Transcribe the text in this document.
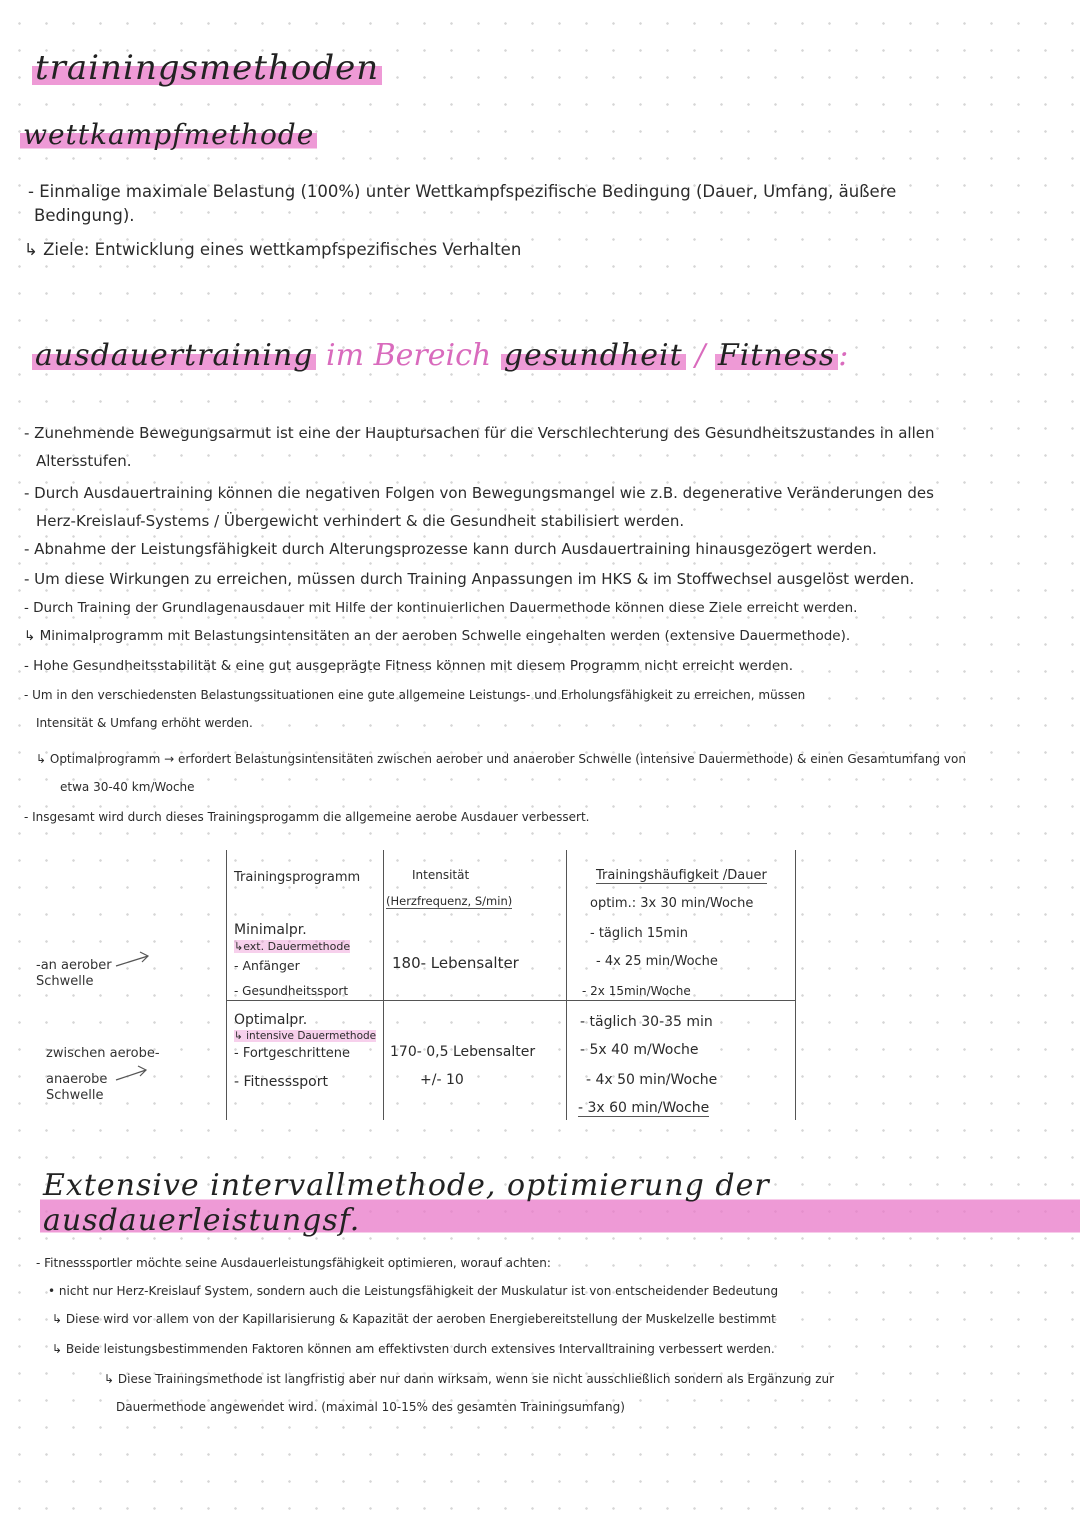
trainingsmethoden
wettkampfmethode
- Einmalige maximale Belastung (100%) unter Wettkampfspezifische Bedingung (Dauer, Umfang, äußere
Bedingung).
↳ Ziele: Entwicklung eines wettkampfspezifisches Verhalten
ausdauertraining im Bereich gesundheit / Fitness :
- Zunehmende Bewegungsarmut ist eine der Hauptursachen für die Verschlechterung des Gesundheitszustandes in allen
Altersstufen.
- Durch Ausdauertraining können die negativen Folgen von Bewegungsmangel wie z.B. degenerative Veränderungen des
Herz-Kreislauf-Systems / Übergewicht verhindert & die Gesundheit stabilisiert werden.
- Abnahme der Leistungsfähigkeit durch Alterungsprozesse kann durch Ausdauertraining hinausgezögert werden.
- Um diese Wirkungen zu erreichen, müssen durch Training Anpassungen im HKS & im Stoffwechsel ausgelöst werden.
- Durch Training der Grundlagenausdauer mit Hilfe der kontinuierlichen Dauermethode können diese Ziele erreicht werden.
↳ Minimalprogramm mit Belastungsintensitäten an der aeroben Schwelle eingehalten werden (extensive Dauermethode).
- Hohe Gesundheitsstabilität & eine gut ausgeprägte Fitness können mit diesem Programm nicht erreicht werden.
- Um in den verschiedensten Belastungssituationen eine gute allgemeine Leistungs- und Erholungsfähigkeit zu erreichen, müssen
Intensität & Umfang erhöht werden.
↳ Optimalprogramm → erfordert Belastungsintensitäten zwischen aerober und anaerober Schwelle (intensive Dauermethode) & einen Gesamtumfang von
etwa 30-40 km/Woche
- Insgesamt wird durch dieses Trainingsprogamm die allgemeine aerobe Ausdauer verbessert.
-an aerober
Schwelle
zwischen aerobe-
anaerobe
Schwelle
Trainingsprogramm	Intensität
(Herzfrequenz, S/min)
Trainingshäufigkeit /Dauer
Minimalpr.
↳ext. Dauermethode
- Anfänger
- Gesundheitssport
180- Lebensalter
optim.: 3x 30 min/Woche
- täglich 15min
- 4x 25 min/Woche
- 2x 15min/Woche
Optimalpr.
↳ intensive Dauermethode
- Fortgeschrittene
- Fitnesssport
170- 0,5 Lebensalter
+/- 10
- täglich 30-35 min
- 5x 40 m/Woche
- 4x 50 min/Woche
- 3x 60 min/Woche
Extensive intervallmethode, optimierung der ausdauerleistungsf.
- Fitnesssportler möchte seine Ausdauerleistungsfähigkeit optimieren, worauf achten:
• nicht nur Herz-Kreislauf System, sondern auch die Leistungsfähigkeit der Muskulatur ist von entscheidender Bedeutung
↳ Diese wird vor allem von der Kapillarisierung & Kapazität der aeroben Energiebereitstellung der Muskelzelle bestimmt
↳ Beide leistungsbestimmenden Faktoren können am effektivsten durch extensives Intervalltraining verbessert werden.
↳ Diese Trainingsmethode ist langfristig aber nur dann wirksam, wenn sie nicht ausschließlich sondern als Ergänzung zur
Dauermethode angewendet wird. (maximal 10-15% des gesamten Trainingsumfang)
